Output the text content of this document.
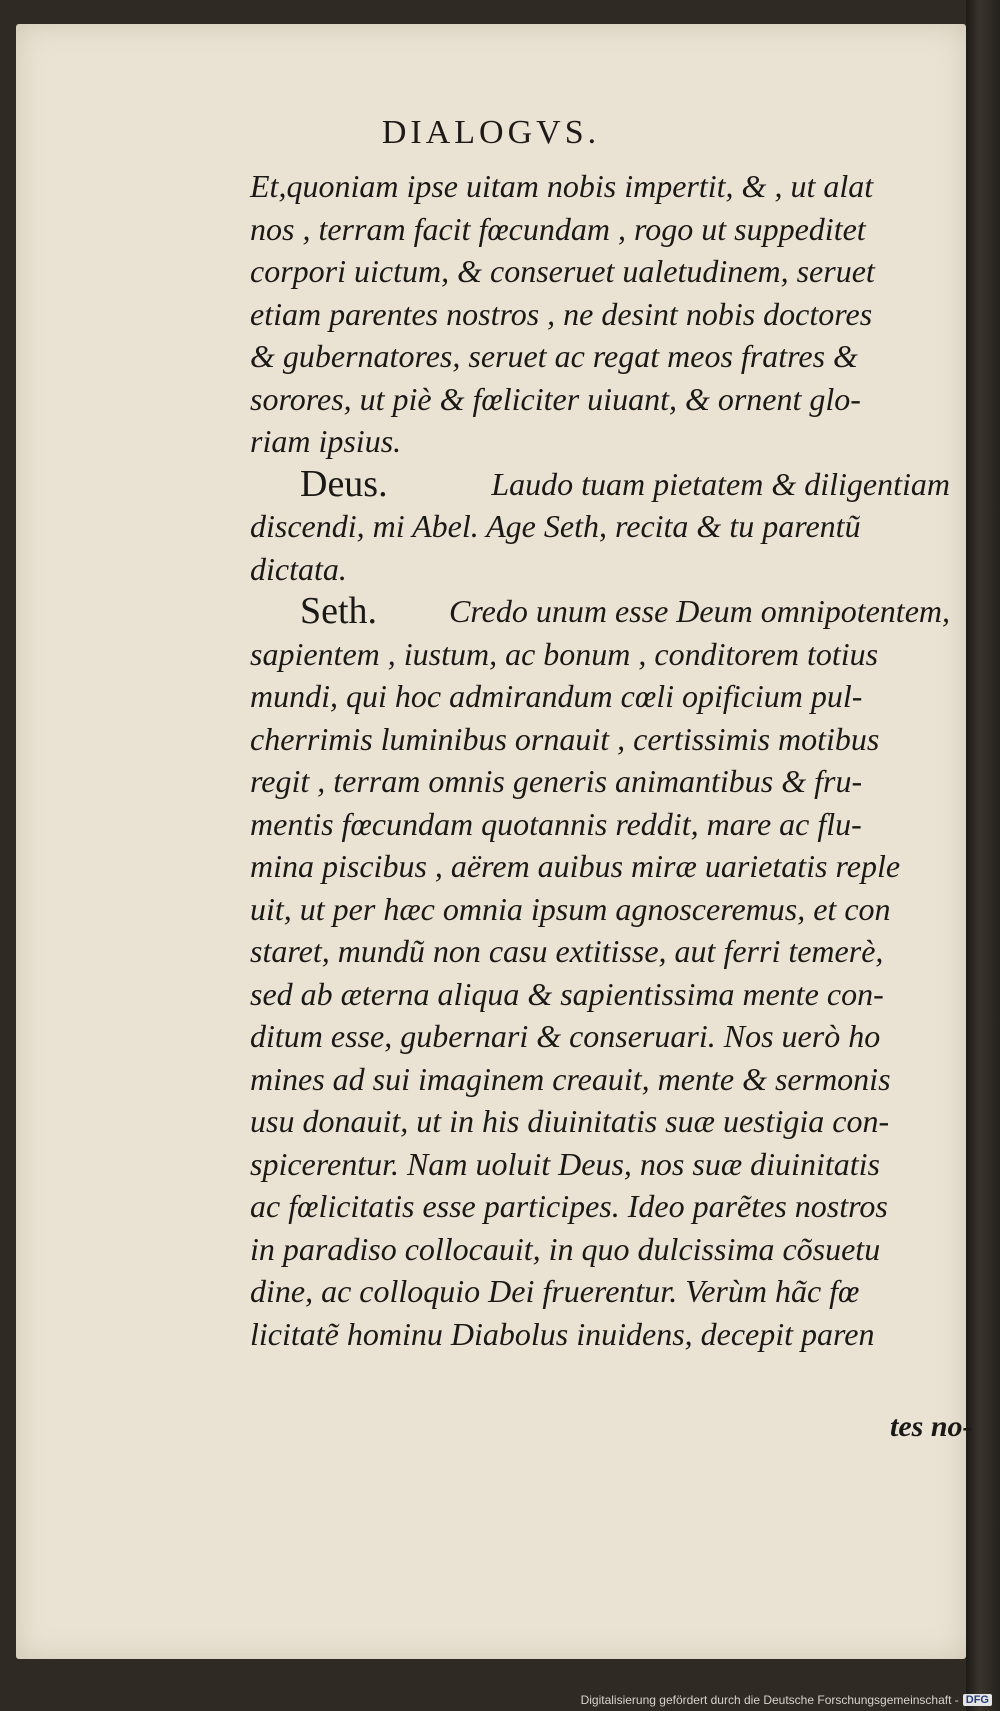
DIALOGVS.
Et,quoniam ipse uitam nobis impertit, & , ut alat
nos , terram facit fœcundam , rogo ut suppeditet
corpori uictum, & conseruet ualetudinem, seruet
etiam parentes nostros , ne desint nobis doctores
& gubernatores, seruet ac regat meos fratres &
sorores, ut piè & fœliciter uiuant, & ornent glo-
riam ipsius.
Deus.	Laudo tuam pietatem & diligentiam
discendi, mi Abel. Age Seth, recita & tu parentũ
dictata.
Seth. Credo unum esse Deum omnipotentem,
sapientem , iustum, ac bonum , conditorem totius
mundi, qui hoc admirandum cœli opificium pul-
cherrimis luminibus ornauit , certissimis motibus
regit , terram omnis generis animantibus & fru-
mentis fœcundam quotannis reddit, mare ac flu-
mina piscibus , aërem auibus miræ uarietatis reple
uit, ut per hæc omnia ipsum agnosceremus, et con
staret, mundũ non casu extitisse, aut ferri temerè,
sed ab æterna aliqua & sapientissima mente con-
ditum esse, gubernari & conseruari. Nos uerò ho
mines ad sui imaginem creauit, mente & sermonis
usu donauit, ut in his diuinitatis suæ uestigia con-
spicerentur. Nam uoluit Deus, nos suæ diuinitatis
ac fœlicitatis esse participes. Ideo parẽtes nostros
in paradiso collocauit, in quo dulcissima cõsuetu
dine, ac colloquio Dei fruerentur. Verùm hãc fœ
licitatẽ hominu Diabolus inuidens, decepit paren
tes no-
Digitalisierung gefördert durch die Deutsche Forschungsgemeinschaft - DFG
